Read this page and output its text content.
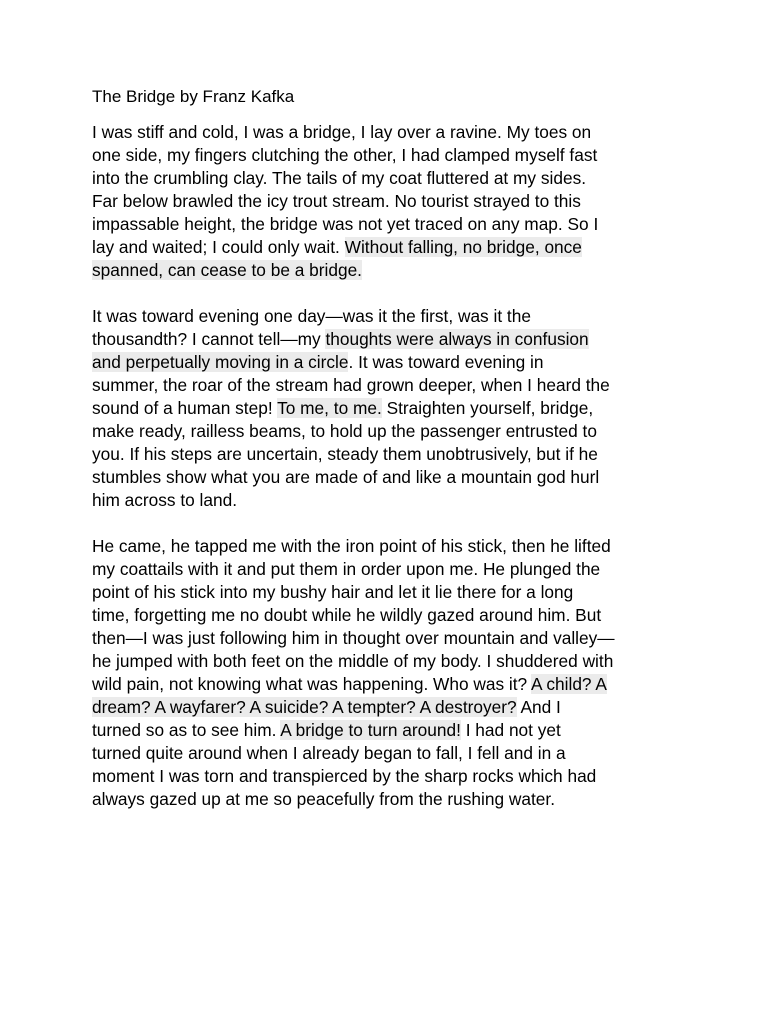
The Bridge by Franz Kafka
I was stiff and cold, I was a bridge, I lay over a ravine. My toes on
one side, my fingers clutching the other, I had clamped myself fast
into the crumbling clay. The tails of my coat fluttered at my sides.
Far below brawled the icy trout stream. No tourist strayed to this
impassable height, the bridge was not yet traced on any map. So I
lay and waited; I could only wait. Without falling, no bridge, once
spanned, can cease to be a bridge.
It was toward evening one day—was it the first, was it the
thousandth? I cannot tell—my thoughts were always in confusion
and perpetually moving in a circle. It was toward evening in
summer, the roar of the stream had grown deeper, when I heard the
sound of a human step! To me, to me. Straighten yourself, bridge,
make ready, railless beams, to hold up the passenger entrusted to
you. If his steps are uncertain, steady them unobtrusively, but if he
stumbles show what you are made of and like a mountain god hurl
him across to land.
He came, he tapped me with the iron point of his stick, then he lifted
my coattails with it and put them in order upon me. He plunged the
point of his stick into my bushy hair and let it lie there for a long
time, forgetting me no doubt while he wildly gazed around him. But
then—I was just following him in thought over mountain and valley—
he jumped with both feet on the middle of my body. I shuddered with
wild pain, not knowing what was happening. Who was it? A child? A
dream? A wayfarer? A suicide? A tempter? A destroyer? And I
turned so as to see him. A bridge to turn around! I had not yet
turned quite around when I already began to fall, I fell and in a
moment I was torn and transpierced by the sharp rocks which had
always gazed up at me so peacefully from the rushing water.
